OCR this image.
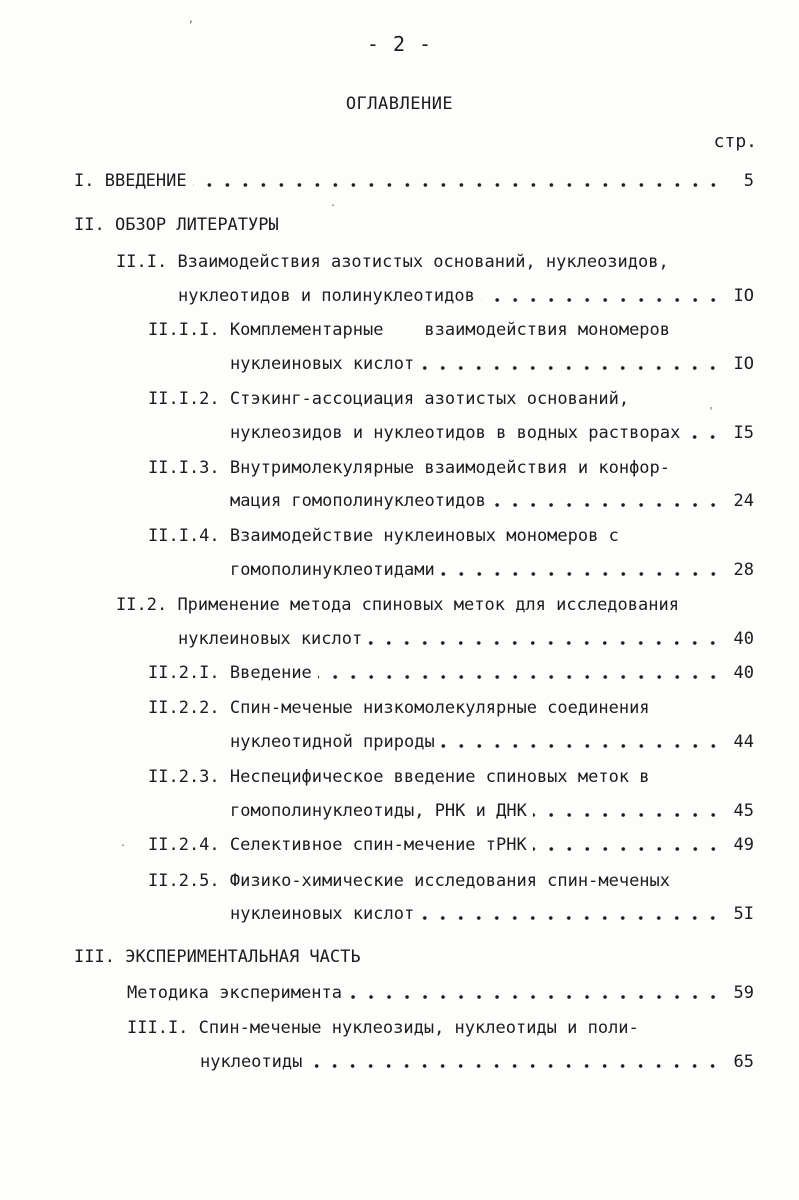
- 2 -
ОГЛАВЛЕНИЕ
стр.
I. ВВЕДЕНИЕ	5
II. ОБЗОР ЛИТЕРАТУРЫ
II.I. Взаимодействия азотистых оснований, нуклеозидов,
нуклеотидов и полинуклеотидов	IO
II.I.I. Комплементарные    взаимодействия мономеров
нуклеиновых кислот	IO
II.I.2. Стэкинг-ассоциация азотистых оснований,
нуклеозидов и нуклеотидов в водных растворах	I5
II.I.3. Внутримолекулярные взаимодействия и конфор-
мация гомополинуклеотидов	24
II.I.4. Взаимодействие нуклеиновых мономеров с
гомополинуклеотидами	28
II.2. Применение метода спиновых меток для исследования
нуклеиновых кислот	40
II.2.I. Введение	40
II.2.2. Спин-меченые низкомолекулярные соединения
нуклеотидной природы	44
II.2.3. Неспецифическое введение спиновых меток в
гомополинуклеотиды, РНК и ДНК	45
II.2.4. Селективное спин-мечение тРНК	49
II.2.5. Физико-химические исследования спин-меченых
нуклеиновых кислот	5I
III. ЭКСПЕРИМЕНТАЛЬНАЯ ЧАСТЬ
Методика эксперимента	59
III.I. Спин-меченые нуклеозиды, нуклеотиды и поли-
нуклеотиды	65
,
.
'
.
